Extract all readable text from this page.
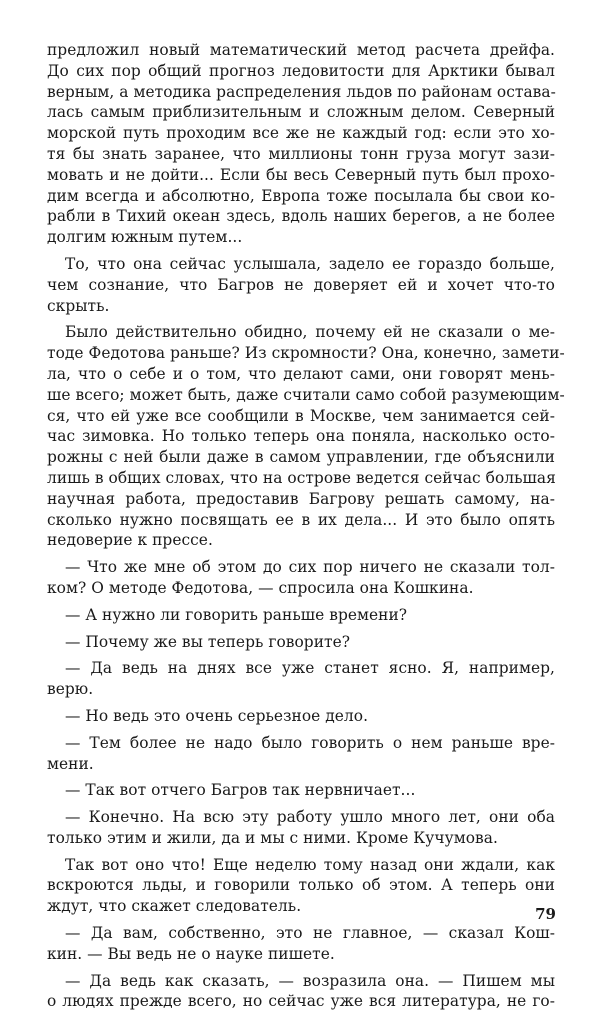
предложил новый математический метод расчета дрейфа.
До сих пор общий прогноз ледовитости для Арктики бывал
верным, а методика распределения льдов по районам остава-
лась самым приблизительным и сложным делом. Северный
морской путь проходим все же не каждый год: если это хо-
тя бы знать заранее, что миллионы тонн груза могут зази-
мовать и не дойти... Если бы весь Северный путь был прохо-
дим всегда и абсолютно, Европа тоже посылала бы свои ко-
рабли в Тихий океан здесь, вдоль наших берегов, а не более
долгим южным путем...
То, что она сейчас услышала, задело ее гораздо больше,
чем сознание, что Багров не доверяет ей и хочет что-то
скрыть.
Было действительно обидно, почему ей не сказали о ме-
тоде Федотова раньше? Из скромности? Она, конечно, замети-
ла, что о себе и о том, что делают сами, они говорят мень-
ше всего; может быть, даже считали само собой разумеющим-
ся, что ей уже все сообщили в Москве, чем занимается сей-
час зимовка. Но только теперь она поняла, насколько осто-
рожны с ней были даже в самом управлении, где объяснили
лишь в общих словах, что на острове ведется сейчас большая
научная работа, предоставив Багрову решать самому, на-
сколько нужно посвящать ее в их дела... И это было опять
недоверие к прессе.
— Что же мне об этом до сих пор ничего не сказали тол-
ком? О методе Федотова, — спросила она Кошкина.
— А нужно ли говорить раньше времени?
— Почему же вы теперь говорите?
— Да ведь на днях все уже станет ясно. Я, например,
верю.
— Но ведь это очень серьезное дело.
— Тем более не надо было говорить о нем раньше вре-
мени.
— Так вот отчего Багров так нервничает...
— Конечно. На всю эту работу ушло много лет, они оба
только этим и жили, да и мы с ними. Кроме Кучумова.
Так вот оно что! Еще неделю тому назад они ждали, как
вскроются льды, и говорили только об этом. А теперь они
ждут, что скажет следователь.
— Да вам, собственно, это не главное, — сказал Кош-
кин. — Вы ведь не о науке пишете.
— Да ведь как сказать, — возразила она. — Пишем мы
о людях прежде всего, но сейчас уже вся литература, не го-
79
